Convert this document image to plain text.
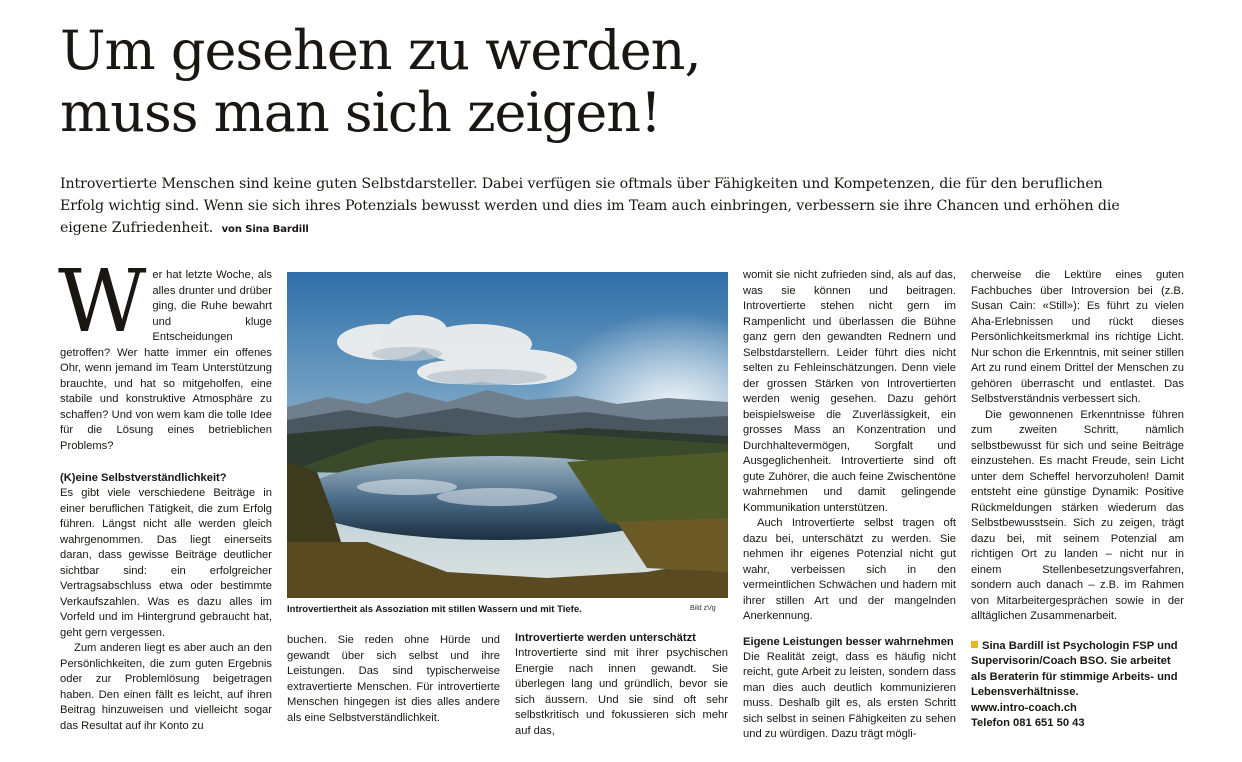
Um gesehen zu werden,
muss man sich zeigen!

Introvertierte Menschen sind keine guten Selbstdarsteller. Dabei verfügen sie oftmals über Fähigkeiten und Kompetenzen, die für den beruflichen Erfolg wichtig sind. Wenn sie sich ihres Potenzials bewusst werden und dies im Team auch einbringen, verbessern sie ihre Chancen und erhöhen die eigene Zufriedenheit. von Sina Bardill

Wer hat letzte Woche, als alles drunter und drüber ging, die Ruhe bewahrt und kluge Entscheidungen getroffen? Wer hatte immer ein offenes Ohr, wenn jemand im Team Unterstützung brauchte, und hat so mitgeholfen, eine stabile und konstruktive Atmosphäre zu schaffen? Und von wem kam die tolle Idee für die Lösung eines betrieblichen Problems?

(K)eine Selbstverständlichkeit?

Es gibt viele verschiedene Beiträge in einer beruflichen Tätigkeit, die zum Erfolg führen. Längst nicht alle werden gleich wahrgenommen. Das liegt einerseits daran, dass gewisse Beiträge deutlicher sichtbar sind: ein erfolgreicher Vertragsabschluss etwa oder bestimmte Verkaufszahlen. Was es dazu alles im Vorfeld und im Hintergrund gebraucht hat, geht gern vergessen.

Zum anderen liegt es aber auch an den Persönlichkeiten, die zum guten Ergebnis oder zur Problemlösung beigetragen haben. Den einen fällt es leicht, auf ihren Beitrag hinzuweisen und vielleicht sogar das Resultat auf ihr Konto zu

Introvertiertheit als Assoziation mit stillen Wassern und mit Tiefe.	Bild zVg

buchen. Sie reden ohne Hürde und gewandt über sich selbst und ihre Leistungen. Das sind typischerweise extravertierte Menschen. Für introvertierte Menschen hingegen ist dies alles andere als eine Selbstverständlichkeit.

Introvertierte werden unterschätzt

Introvertierte sind mit ihrer psychischen Energie nach innen gewandt. Sie überlegen lang und gründlich, bevor sie sich äussern. Und sie sind oft sehr selbstkritisch und fokussieren sich mehr auf das,

womit sie nicht zufrieden sind, als auf das, was sie können und beitragen. Introvertierte stehen nicht gern im Rampenlicht und überlassen die Bühne ganz gern den gewandten Rednern und Selbstdarstellern. Leider führt dies nicht selten zu Fehleinschätzungen. Denn viele der grossen Stärken von Introvertierten werden wenig gesehen. Dazu gehört beispielsweise die Zuverlässigkeit, ein grosses Mass an Konzentration und Durchhaltevermögen, Sorgfalt und Ausgeglichenheit. Introvertierte sind oft gute Zuhörer, die auch feine Zwischentöne wahrnehmen und damit gelingende Kommunikation unterstützen.

Auch Introvertierte selbst tragen oft dazu bei, unterschätzt zu werden. Sie nehmen ihr eigenes Potenzial nicht gut wahr, verbeissen sich in den vermeintlichen Schwächen und hadern mit ihrer stillen Art und der mangelnden Anerkennung.

Eigene Leistungen besser wahrnehmen

Die Realität zeigt, dass es häufig nicht reicht, gute Arbeit zu leisten, sondern dass man dies auch deutlich kommunizieren muss. Deshalb gilt es, als ersten Schritt sich selbst in seinen Fähigkeiten zu sehen und zu würdigen. Dazu trägt mögli-

cherweise die Lektüre eines guten Fachbuches über Introversion bei (z.B. Susan Cain: «Still»): Es führt zu vielen Aha-Erlebnissen und rückt dieses Persönlichkeitsmerkmal ins richtige Licht. Nur schon die Erkenntnis, mit seiner stillen Art zu rund einem Drittel der Menschen zu gehören überrascht und entlastet. Das Selbstverständnis verbessert sich.

Die gewonnenen Erkenntnisse führen zum zweiten Schritt, nämlich selbstbewusst für sich und seine Beiträge einzustehen. Es macht Freude, sein Licht unter dem Scheffel hervorzuholen! Damit entsteht eine günstige Dynamik: Positive Rückmeldungen stärken wiederum das Selbstbewusstsein. Sich zu zeigen, trägt dazu bei, mit seinem Potenzial am richtigen Ort zu landen – nicht nur in einem Stellenbesetzungsverfahren, sondern auch danach – z.B. im Rahmen von Mitarbeitergesprächen sowie in der alltäglichen Zusammenarbeit.

Sina Bardill ist Psychologin FSP und Supervisorin/Coach BSO. Sie arbeitet als Beraterin für stimmige Arbeits- und Lebensverhältnisse.

www.intro-coach.ch

Telefon 081 651 50 43
